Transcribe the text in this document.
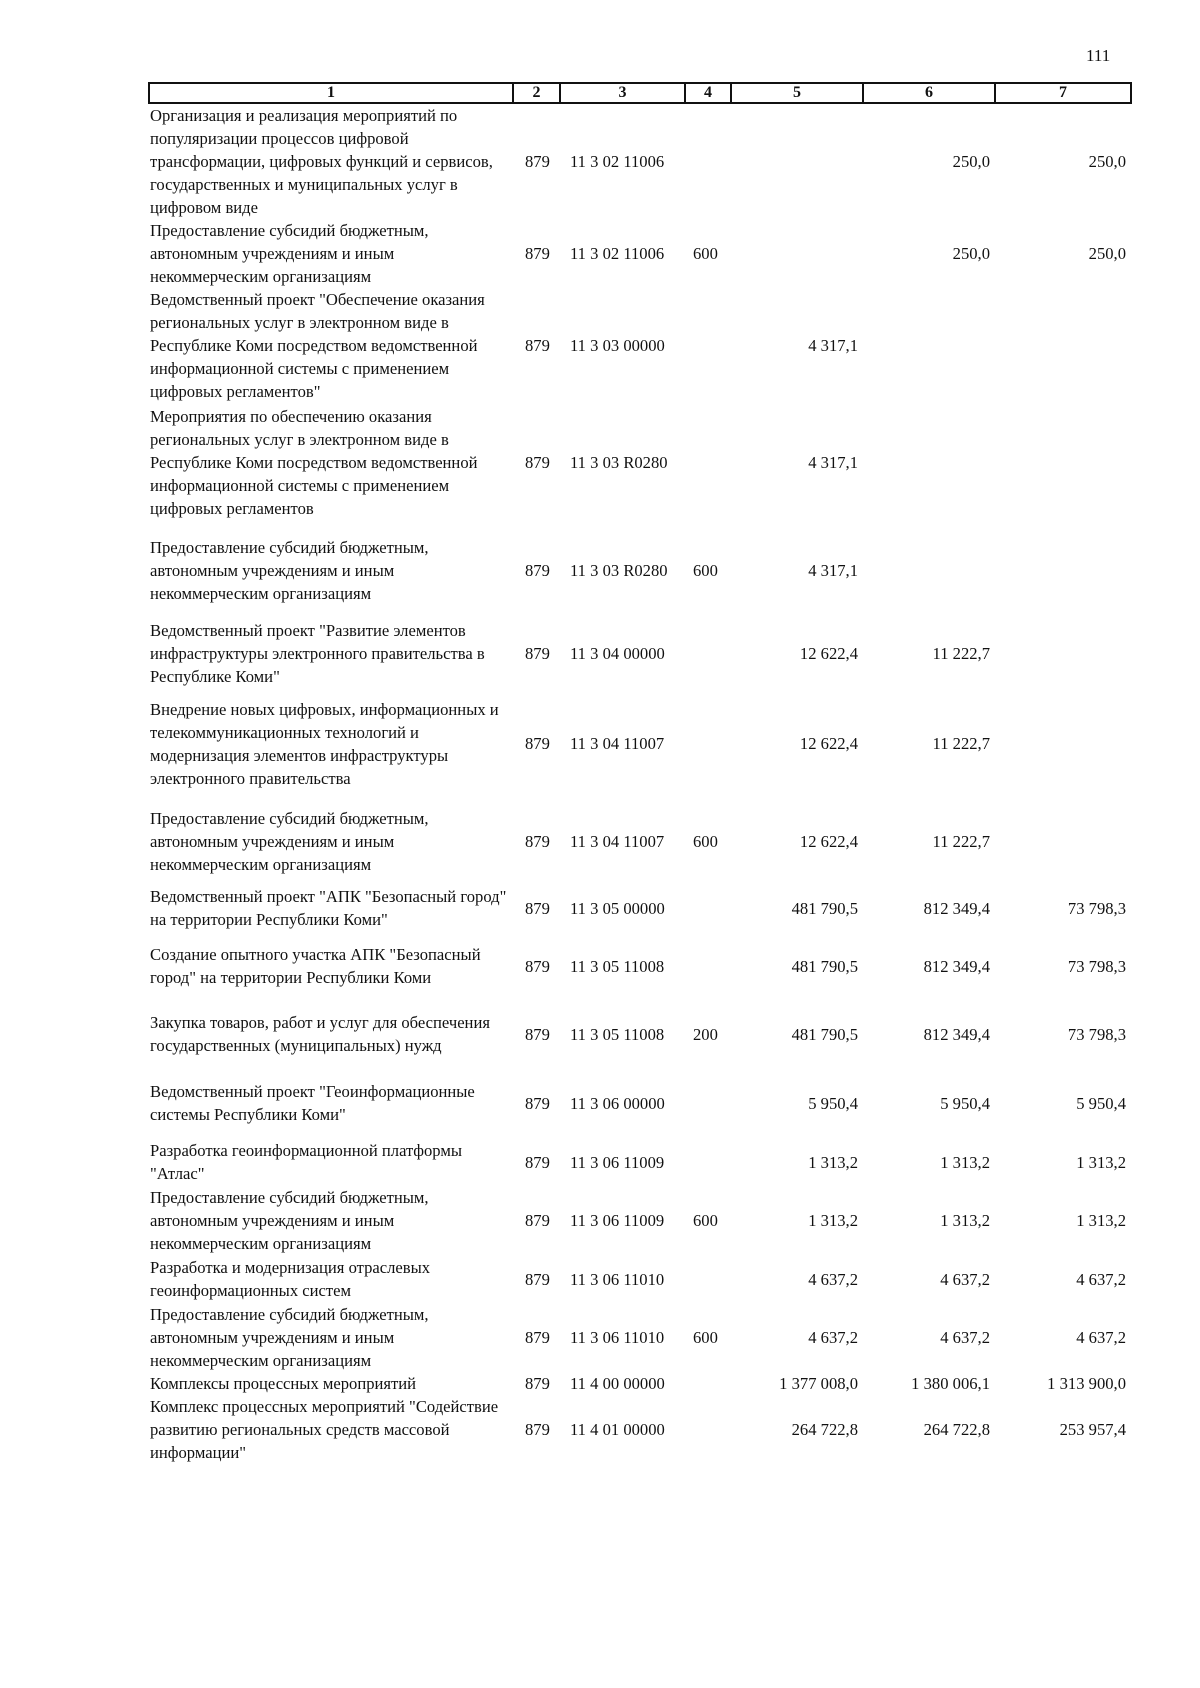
111
1	2	3	4	5	6	7
Организация и реализация мероприятий по популяризации процессов цифровой трансформации, цифровых функций и сервисов, государственных и муниципальных услуг в цифровом виде	879	11 3 02 11006			250,0	250,0
Предоставление субсидий бюджетным, автономным учреждениям и иным некоммерческим организациям	879	11 3 02 11006	600		250,0	250,0
Ведомственный проект "Обеспечение оказания региональных услуг в электронном виде в Республике Коми посредством ведомственной информационной системы с применением цифровых регламентов"	879	11 3 03 00000		4 317,1		
Мероприятия по обеспечению оказания региональных услуг в электронном виде в Республике Коми посредством ведомственной информационной системы с применением цифровых регламентов	879	11 3 03 R0280		4 317,1		
Предоставление субсидий бюджетным, автономным учреждениям и иным некоммерческим организациям	879	11 3 03 R0280	600	4 317,1		
Ведомственный проект "Развитие элементов инфраструктуры электронного правительства в Республике Коми"	879	11 3 04 00000		12 622,4	11 222,7	
Внедрение новых цифровых, информационных и телекоммуникационных технологий и модернизация элементов инфраструктуры электронного правительства	879	11 3 04 11007		12 622,4	11 222,7	
Предоставление субсидий бюджетным, автономным учреждениям и иным некоммерческим организациям	879	11 3 04 11007	600	12 622,4	11 222,7	
Ведомственный проект "АПК "Безопасный город" на территории Республики Коми"	879	11 3 05 00000		481 790,5	812 349,4	73 798,3
Создание опытного участка АПК "Безопасный город" на территории Республики Коми	879	11 3 05 11008		481 790,5	812 349,4	73 798,3
Закупка товаров, работ и услуг для обеспечения государственных (муниципальных) нужд	879	11 3 05 11008	200	481 790,5	812 349,4	73 798,3
Ведомственный проект "Геоинформационные системы Республики Коми"	879	11 3 06 00000		5 950,4	5 950,4	5 950,4
Разработка геоинформационной платформы "Атлас"	879	11 3 06 11009		1 313,2	1 313,2	1 313,2
Предоставление субсидий бюджетным, автономным учреждениям и иным некоммерческим организациям	879	11 3 06 11009	600	1 313,2	1 313,2	1 313,2
Разработка и модернизация отраслевых геоинформационных систем	879	11 3 06 11010		4 637,2	4 637,2	4 637,2
Предоставление субсидий бюджетным, автономным учреждениям и иным некоммерческим организациям	879	11 3 06 11010	600	4 637,2	4 637,2	4 637,2
Комплексы процессных мероприятий	879	11 4 00 00000		1 377 008,0	1 380 006,1	1 313 900,0
Комплекс процессных мероприятий "Содействие развитию региональных средств массовой информации"	879	11 4 01 00000		264 722,8	264 722,8	253 957,4
